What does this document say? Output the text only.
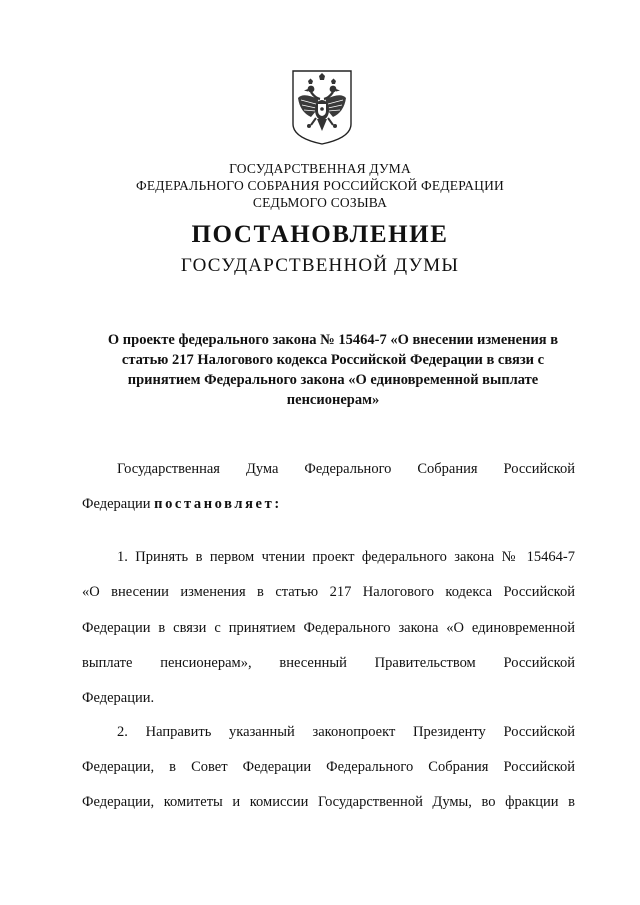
ГОСУДАРСТВЕННАЯ ДУМА
ФЕДЕРАЛЬНОГО СОБРАНИЯ РОССИЙСКОЙ ФЕДЕРАЦИИ
СЕДЬМОГО СОЗЫВА
ПОСТАНОВЛЕНИЕ
ГОСУДАРСТВЕННОЙ ДУМЫ
О проекте федерального закона № 15464-7 «О внесении изменения в
статью 217 Налогового кодекса Российской Федерации в связи с
принятием Федерального закона «О единовременной выплате
пенсионерам»
Государственная Дума Федерального Собрания Российской
Федерации постановляет:
1. Принять в первом чтении проект федерального закона № 15464-7
«О внесении изменения в статью 217 Налогового кодекса Российской
Федерации в связи с принятием Федерального закона «О единовременной
выплате пенсионерам», внесенный Правительством Российской
Федерации.
2. Направить указанный законопроект Президенту Российской
Федерации, в Совет Федерации Федерального Собрания Российской
Федерации, комитеты и комиссии Государственной Думы, во фракции в
